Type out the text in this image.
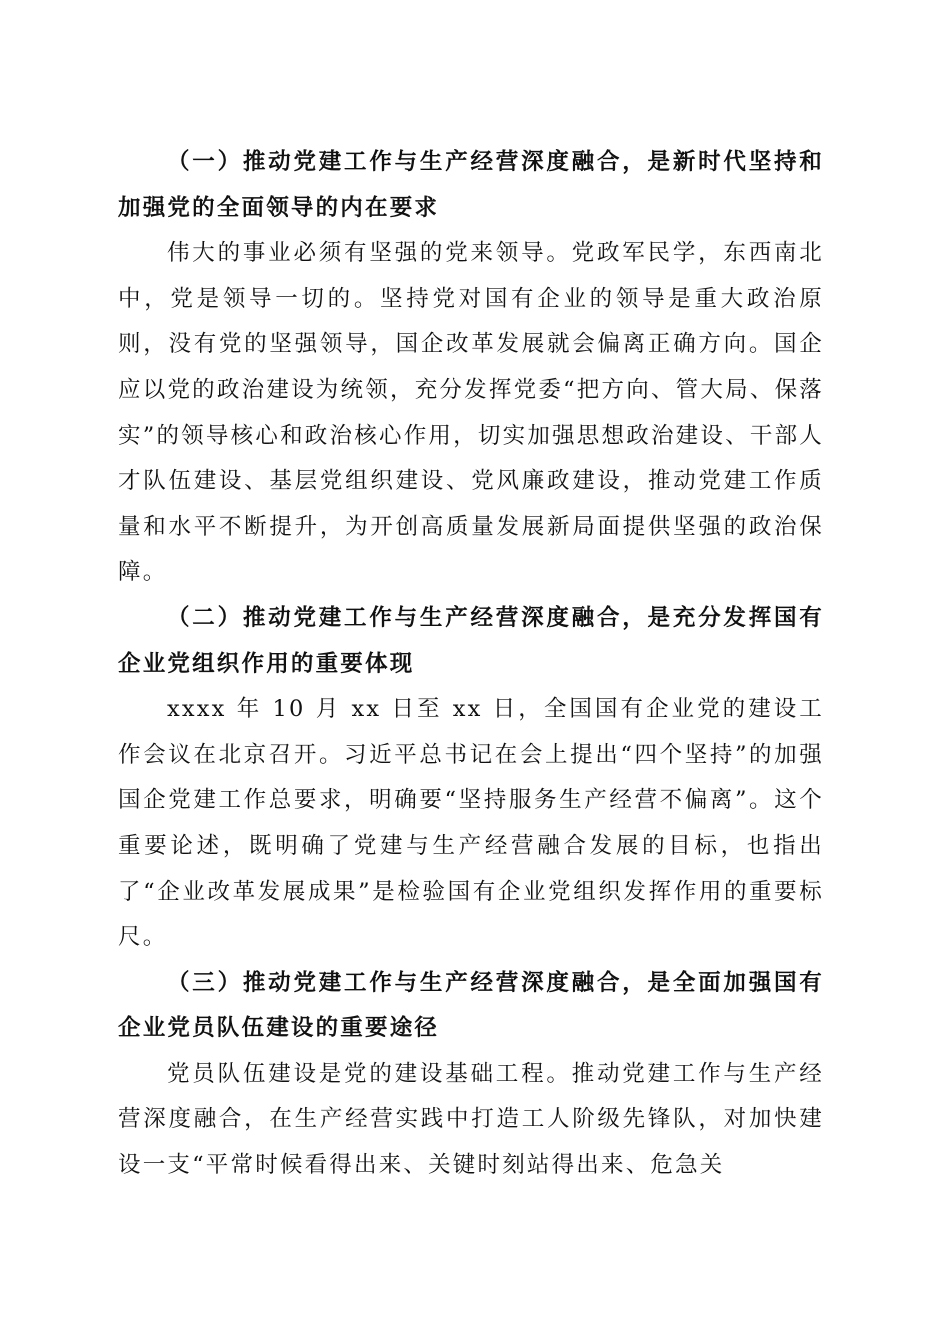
（一）推动党建工作与生产经营深度融合，是新时代坚持和加强党的全面领导的内在要求

伟大的事业必须有坚强的党来领导。党政军民学，东西南北中，党是领导一切的。坚持党对国有企业的领导是重大政治原则，没有党的坚强领导，国企改革发展就会偏离正确方向。国企应以党的政治建设为统领，充分发挥党委“把方向、管大局、保落实”的领导核心和政治核心作用，切实加强思想政治建设、干部人才队伍建设、基层党组织建设、党风廉政建设，推动党建工作质量和水平不断提升，为开创高质量发展新局面提供坚强的政治保障。

（二）推动党建工作与生产经营深度融合，是充分发挥国有企业党组织作用的重要体现

xxxx 年 10 月 xx 日至 xx 日，全国国有企业党的建设工作会议在北京召开。习近平总书记在会上提出“四个坚持”的加强国企党建工作总要求，明确要“坚持服务生产经营不偏离”。这个重要论述，既明确了党建与生产经营融合发展的目标，也指出了“企业改革发展成果”是检验国有企业党组织发挥作用的重要标尺。

（三）推动党建工作与生产经营深度融合，是全面加强国有企业党员队伍建设的重要途径

党员队伍建设是党的建设基础工程。推动党建工作与生产经营深度融合，在生产经营实践中打造工人阶级先锋队，对加快建设一支“平常时候看得出来、关键时刻站得出来、危急关
